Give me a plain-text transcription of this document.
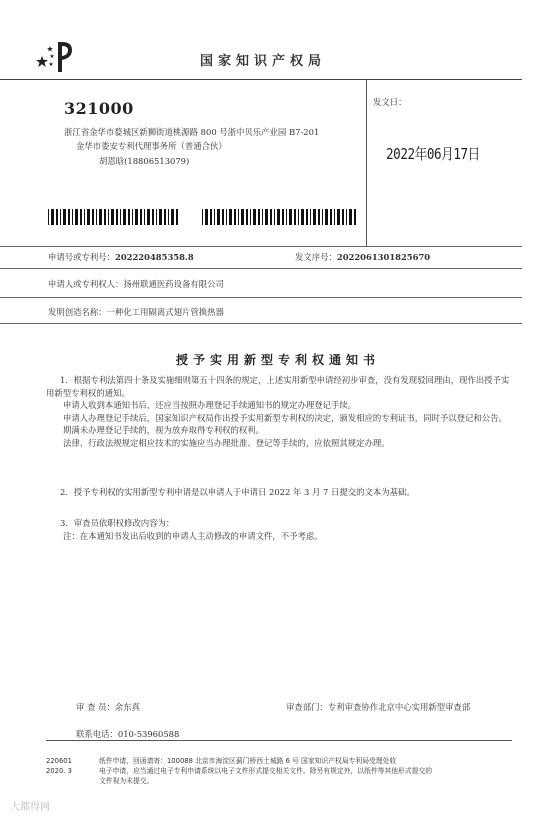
国家知识产权局
321000
浙江省金华市婺城区新狮街道桃源路 800 号浙中贝乐产业园 B7-201
金华市娄安专利代理事务所（普通合伙）
胡恩晗(18806513079)
发文日：
2022年06月17日
申请号或专利号：202220485358.8	发文序号：2022061301825670
申请人或专利权人：扬州联通医药设备有限公司
发明创造名称：一种化工用隔离式翅片管换热器
授予实用新型专利权通知书

1．根据专利法第四十条及实施细则第五十四条的规定，上述实用新型申请经初步审查，没有发现驳回理由，现作出授予实用新型专利权的通知。

申请人收到本通知书后，还应当按照办理登记手续通知书的规定办理登记手续。

申请人办理登记手续后，国家知识产权局作出授予实用新型专利权的决定，颁发相应的专利证书，同时予以登记和公告。

期满未办理登记手续的，视为放弃取得专利权的权利。

法律、行政法规规定相应技术的实施应当办理批准、登记等手续的，应依照其规定办理。

2．授予专利权的实用新型专利申请是以申请人于申请日 2022 年 3 月 7 日提交的文本为基础。

3．审查员依职权修改内容为：

注：在本通知书发出后收到的申请人主动修改的申请文件，不予考虑。

审 查 员：余东真	审查部门：专利审查协作北京中心实用新型审查部
联系电话：010-53960588
220601
2020. 3
纸件申请，回函请寄：100088 北京市海淀区蓟门桥西土城路 6 号 国家知识产权局专利局受理处收
电子申请，应当通过电子专利申请系统以电子文件形式提交相关文件。除另有规定外，以纸件等其他形式提交的
文件视为未提交。
大都得网
